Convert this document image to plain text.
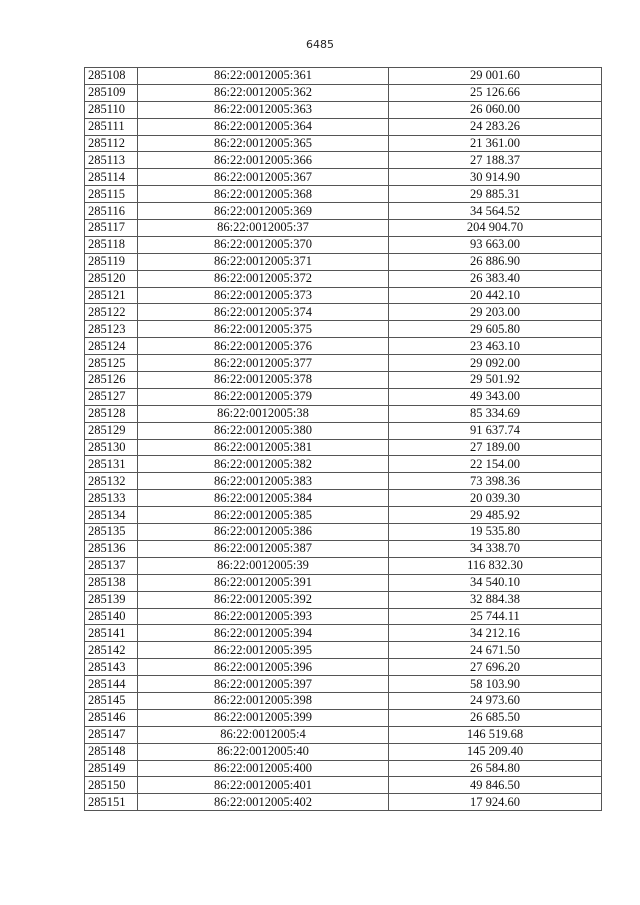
6485
285108	86:22:0012005:361	29 001.60
285109	86:22:0012005:362	25 126.66
285110	86:22:0012005:363	26 060.00
285111	86:22:0012005:364	24 283.26
285112	86:22:0012005:365	21 361.00
285113	86:22:0012005:366	27 188.37
285114	86:22:0012005:367	30 914.90
285115	86:22:0012005:368	29 885.31
285116	86:22:0012005:369	34 564.52
285117	86:22:0012005:37	204 904.70
285118	86:22:0012005:370	93 663.00
285119	86:22:0012005:371	26 886.90
285120	86:22:0012005:372	26 383.40
285121	86:22:0012005:373	20 442.10
285122	86:22:0012005:374	29 203.00
285123	86:22:0012005:375	29 605.80
285124	86:22:0012005:376	23 463.10
285125	86:22:0012005:377	29 092.00
285126	86:22:0012005:378	29 501.92
285127	86:22:0012005:379	49 343.00
285128	86:22:0012005:38	85 334.69
285129	86:22:0012005:380	91 637.74
285130	86:22:0012005:381	27 189.00
285131	86:22:0012005:382	22 154.00
285132	86:22:0012005:383	73 398.36
285133	86:22:0012005:384	20 039.30
285134	86:22:0012005:385	29 485.92
285135	86:22:0012005:386	19 535.80
285136	86:22:0012005:387	34 338.70
285137	86:22:0012005:39	116 832.30
285138	86:22:0012005:391	34 540.10
285139	86:22:0012005:392	32 884.38
285140	86:22:0012005:393	25 744.11
285141	86:22:0012005:394	34 212.16
285142	86:22:0012005:395	24 671.50
285143	86:22:0012005:396	27 696.20
285144	86:22:0012005:397	58 103.90
285145	86:22:0012005:398	24 973.60
285146	86:22:0012005:399	26 685.50
285147	86:22:0012005:4	146 519.68
285148	86:22:0012005:40	145 209.40
285149	86:22:0012005:400	26 584.80
285150	86:22:0012005:401	49 846.50
285151	86:22:0012005:402	17 924.60
